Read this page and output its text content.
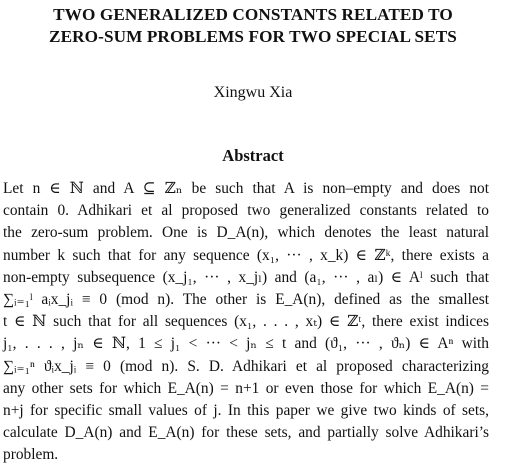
TWO GENERALIZED CONSTANTS RELATED TO
ZERO-SUM PROBLEMS FOR TWO SPECIAL SETS
Xingwu Xia
Abstract
Let n ∈ ℕ and A ⊆ ℤₙ be such that A is non–empty and does not
contain 0. Adhikari et al proposed two generalized constants related to
the zero-sum problem. One is D_A(n), which denotes the least natural
number k such that for any sequence (x₁, ··· , x_k) ∈ ℤᵏ, there exists a
non-empty subsequence (x_j₁, ··· , x_jₗ) and (a₁, ··· , aₗ) ∈ Aˡ such that
∑ᵢ₌₁ˡ aᵢx_jᵢ ≡ 0 (mod n). The other is E_A(n), defined as the smallest
t ∈ ℕ such that for all sequences (x₁, . . . , xₜ) ∈ ℤᵗ, there exist indices
j₁, . . . , jₙ ∈ ℕ, 1 ≤ j₁ < ··· < jₙ ≤ t and (ϑ₁, ··· , ϑₙ) ∈ Aⁿ with
∑ᵢ₌₁ⁿ ϑᵢx_jᵢ ≡ 0 (mod n). S. D. Adhikari et al proposed characterizing
any other sets for which E_A(n) = n+1 or even those for which E_A(n) =
n+j for specific small values of j. In this paper we give two kinds of sets,
calculate D_A(n) and E_A(n) for these sets, and partially solve Adhikari’s
problem.
